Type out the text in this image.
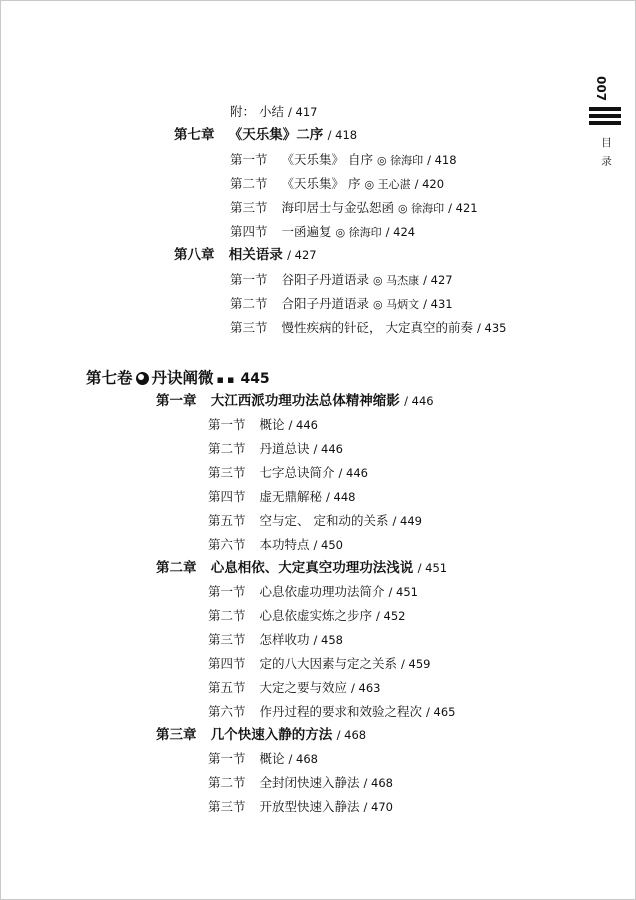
007
目录
附： 小结 / 417
第七章 《天乐集》二序 / 418
第一节 《天乐集》 自序 ◎ 徐海印 / 418
第二节 《天乐集》 序 ◎ 王心湛 / 420
第三节 海印居士与金弘恕函 ◎ 徐海印 / 421
第四节 一函遍复 ◎ 徐海印 / 424
第八章 相关语录 / 427
第一节 谷阳子丹道语录 ◎ 马杰康 / 427
第二节 合阳子丹道语录 ◎ 马炳文 / 431
第三节 慢性疾病的针砭， 大定真空的前奏 / 435
第七卷 丹诀阐微 ▪▪ 445
第一章 大江西派功理功法总体精神缩影 / 446
第一节 概论 / 446
第二节 丹道总诀 / 446
第三节 七字总诀简介 / 446
第四节 虚无鼎解秘 / 448
第五节 空与定、 定和动的关系 / 449
第六节 本功特点 / 450
第二章 心息相依、大定真空功理功法浅说 / 451
第一节 心息依虚功理功法简介 / 451
第二节 心息依虚实炼之步序 / 452
第三节 怎样收功 / 458
第四节 定的八大因素与定之关系 / 459
第五节 大定之要与效应 / 463
第六节 作丹过程的要求和效验之程次 / 465
第三章 几个快速入静的方法 / 468
第一节 概论 / 468
第二节 全封闭快速入静法 / 468
第三节 开放型快速入静法 / 470
